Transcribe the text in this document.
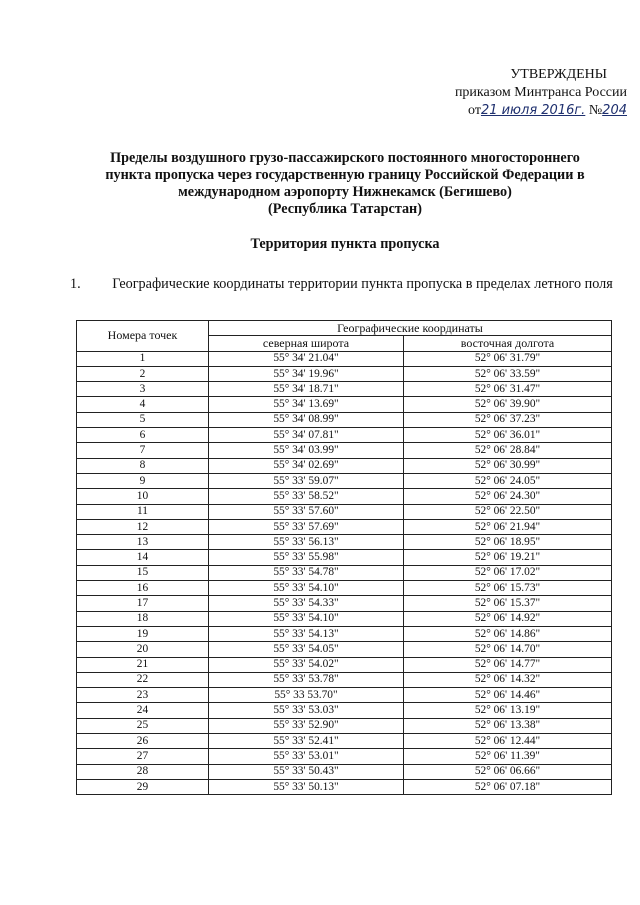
УТВЕРЖДЕНЫ
приказом Минтранса России
от21 июля 2016г. №204
Пределы воздушного грузо-пассажирского постоянного многостороннего
пункта пропуска через государственную границу Российской Федерации в
международном аэропорту Нижнекамск (Бегишево)
(Республика Татарстан)
Территория пункта пропуска
1. Географические координаты территории пункта пропуска в пределах летного поля
Номера точек	Географические координаты	
	северная широта	восточная долгота
1	55° 34' 21.04"	52° 06' 31.79"
2	55° 34' 19.96"	52° 06' 33.59"
3	55° 34' 18.71"	52° 06' 31.47"
4	55° 34' 13.69"	52° 06' 39.90"
5	55° 34' 08.99"	52° 06' 37.23"
6	55° 34' 07.81"	52° 06' 36.01"
7	55° 34' 03.99"	52° 06' 28.84"
8	55° 34' 02.69"	52° 06' 30.99"
9	55° 33' 59.07"	52° 06' 24.05"
10	55° 33' 58.52"	52° 06' 24.30"
11	55° 33' 57.60"	52° 06' 22.50"
12	55° 33' 57.69"	52° 06' 21.94"
13	55° 33' 56.13"	52° 06' 18.95"
14	55° 33' 55.98"	52° 06' 19.21"
15	55° 33' 54.78"	52° 06' 17.02"
16	55° 33' 54.10"	52° 06' 15.73"
17	55° 33' 54.33"	52° 06' 15.37"
18	55° 33' 54.10"	52° 06' 14.92"
19	55° 33' 54.13"	52° 06' 14.86"
20	55° 33' 54.05"	52° 06' 14.70"
21	55° 33' 54.02"	52° 06' 14.77"
22	55° 33' 53.78"	52° 06' 14.32"
23	55° 33 53.70"	52° 06' 14.46"
24	55° 33' 53.03"	52° 06' 13.19"
25	55° 33' 52.90"	52° 06' 13.38"
26	55° 33' 52.41"	52° 06' 12.44"
27	55° 33' 53.01"	52° 06' 11.39"
28	55° 33' 50.43"	52° 06' 06.66"
29	55° 33' 50.13"	52° 06' 07.18"
